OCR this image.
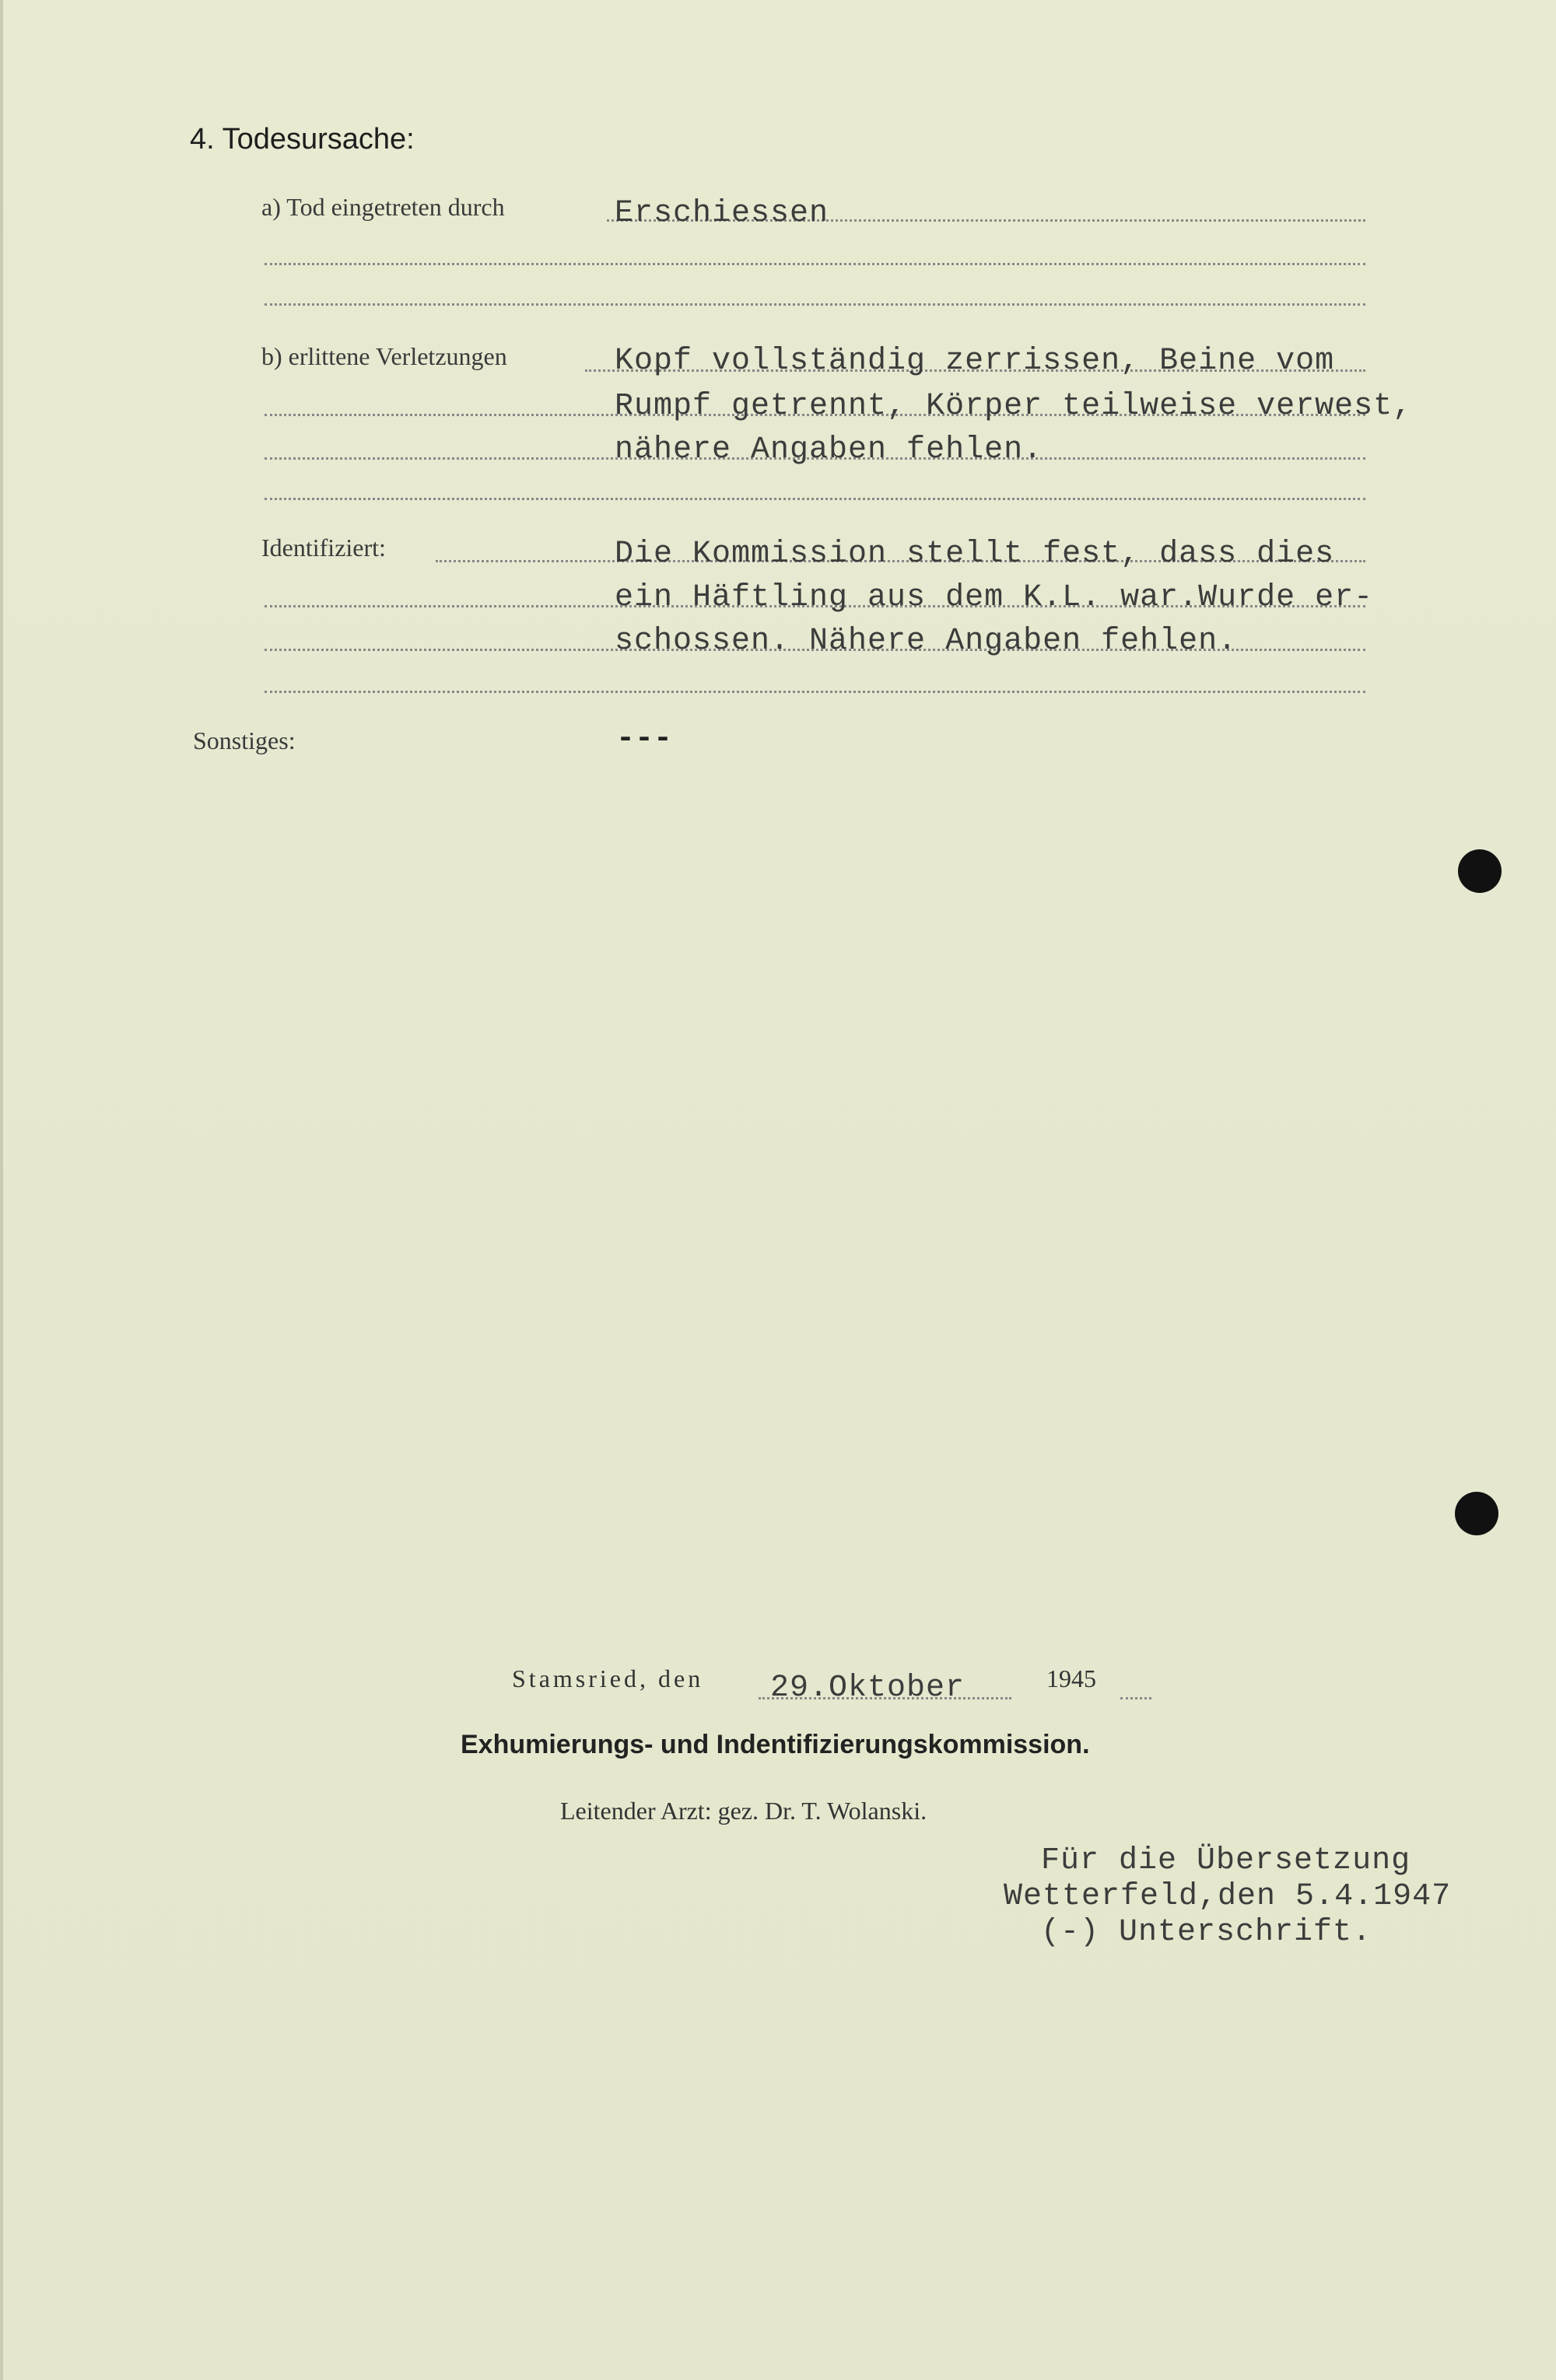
4. Todesursache:
a) Tod eingetreten durch	Erschiessen
b) erlittene Verletzungen	Kopf vollständig zerrissen, Beine vom
Rumpf getrennt, Körper teilweise verwest,
nähere Angaben fehlen.
Identifiziert:	Die Kommission stellt fest, dass dies
ein Häftling aus dem K.L. war.Wurde er-
schossen. Nähere Angaben fehlen.
Sonstiges:	---
Stamsried, den 29.Oktober	1945
Exhumierungs- und Indentifizierungskommission.
Leitender Arzt: gez. Dr. T. Wolanski.
Für die Übersetzung
Wetterfeld,den 5.4.1947
(-) Unterschrift.
